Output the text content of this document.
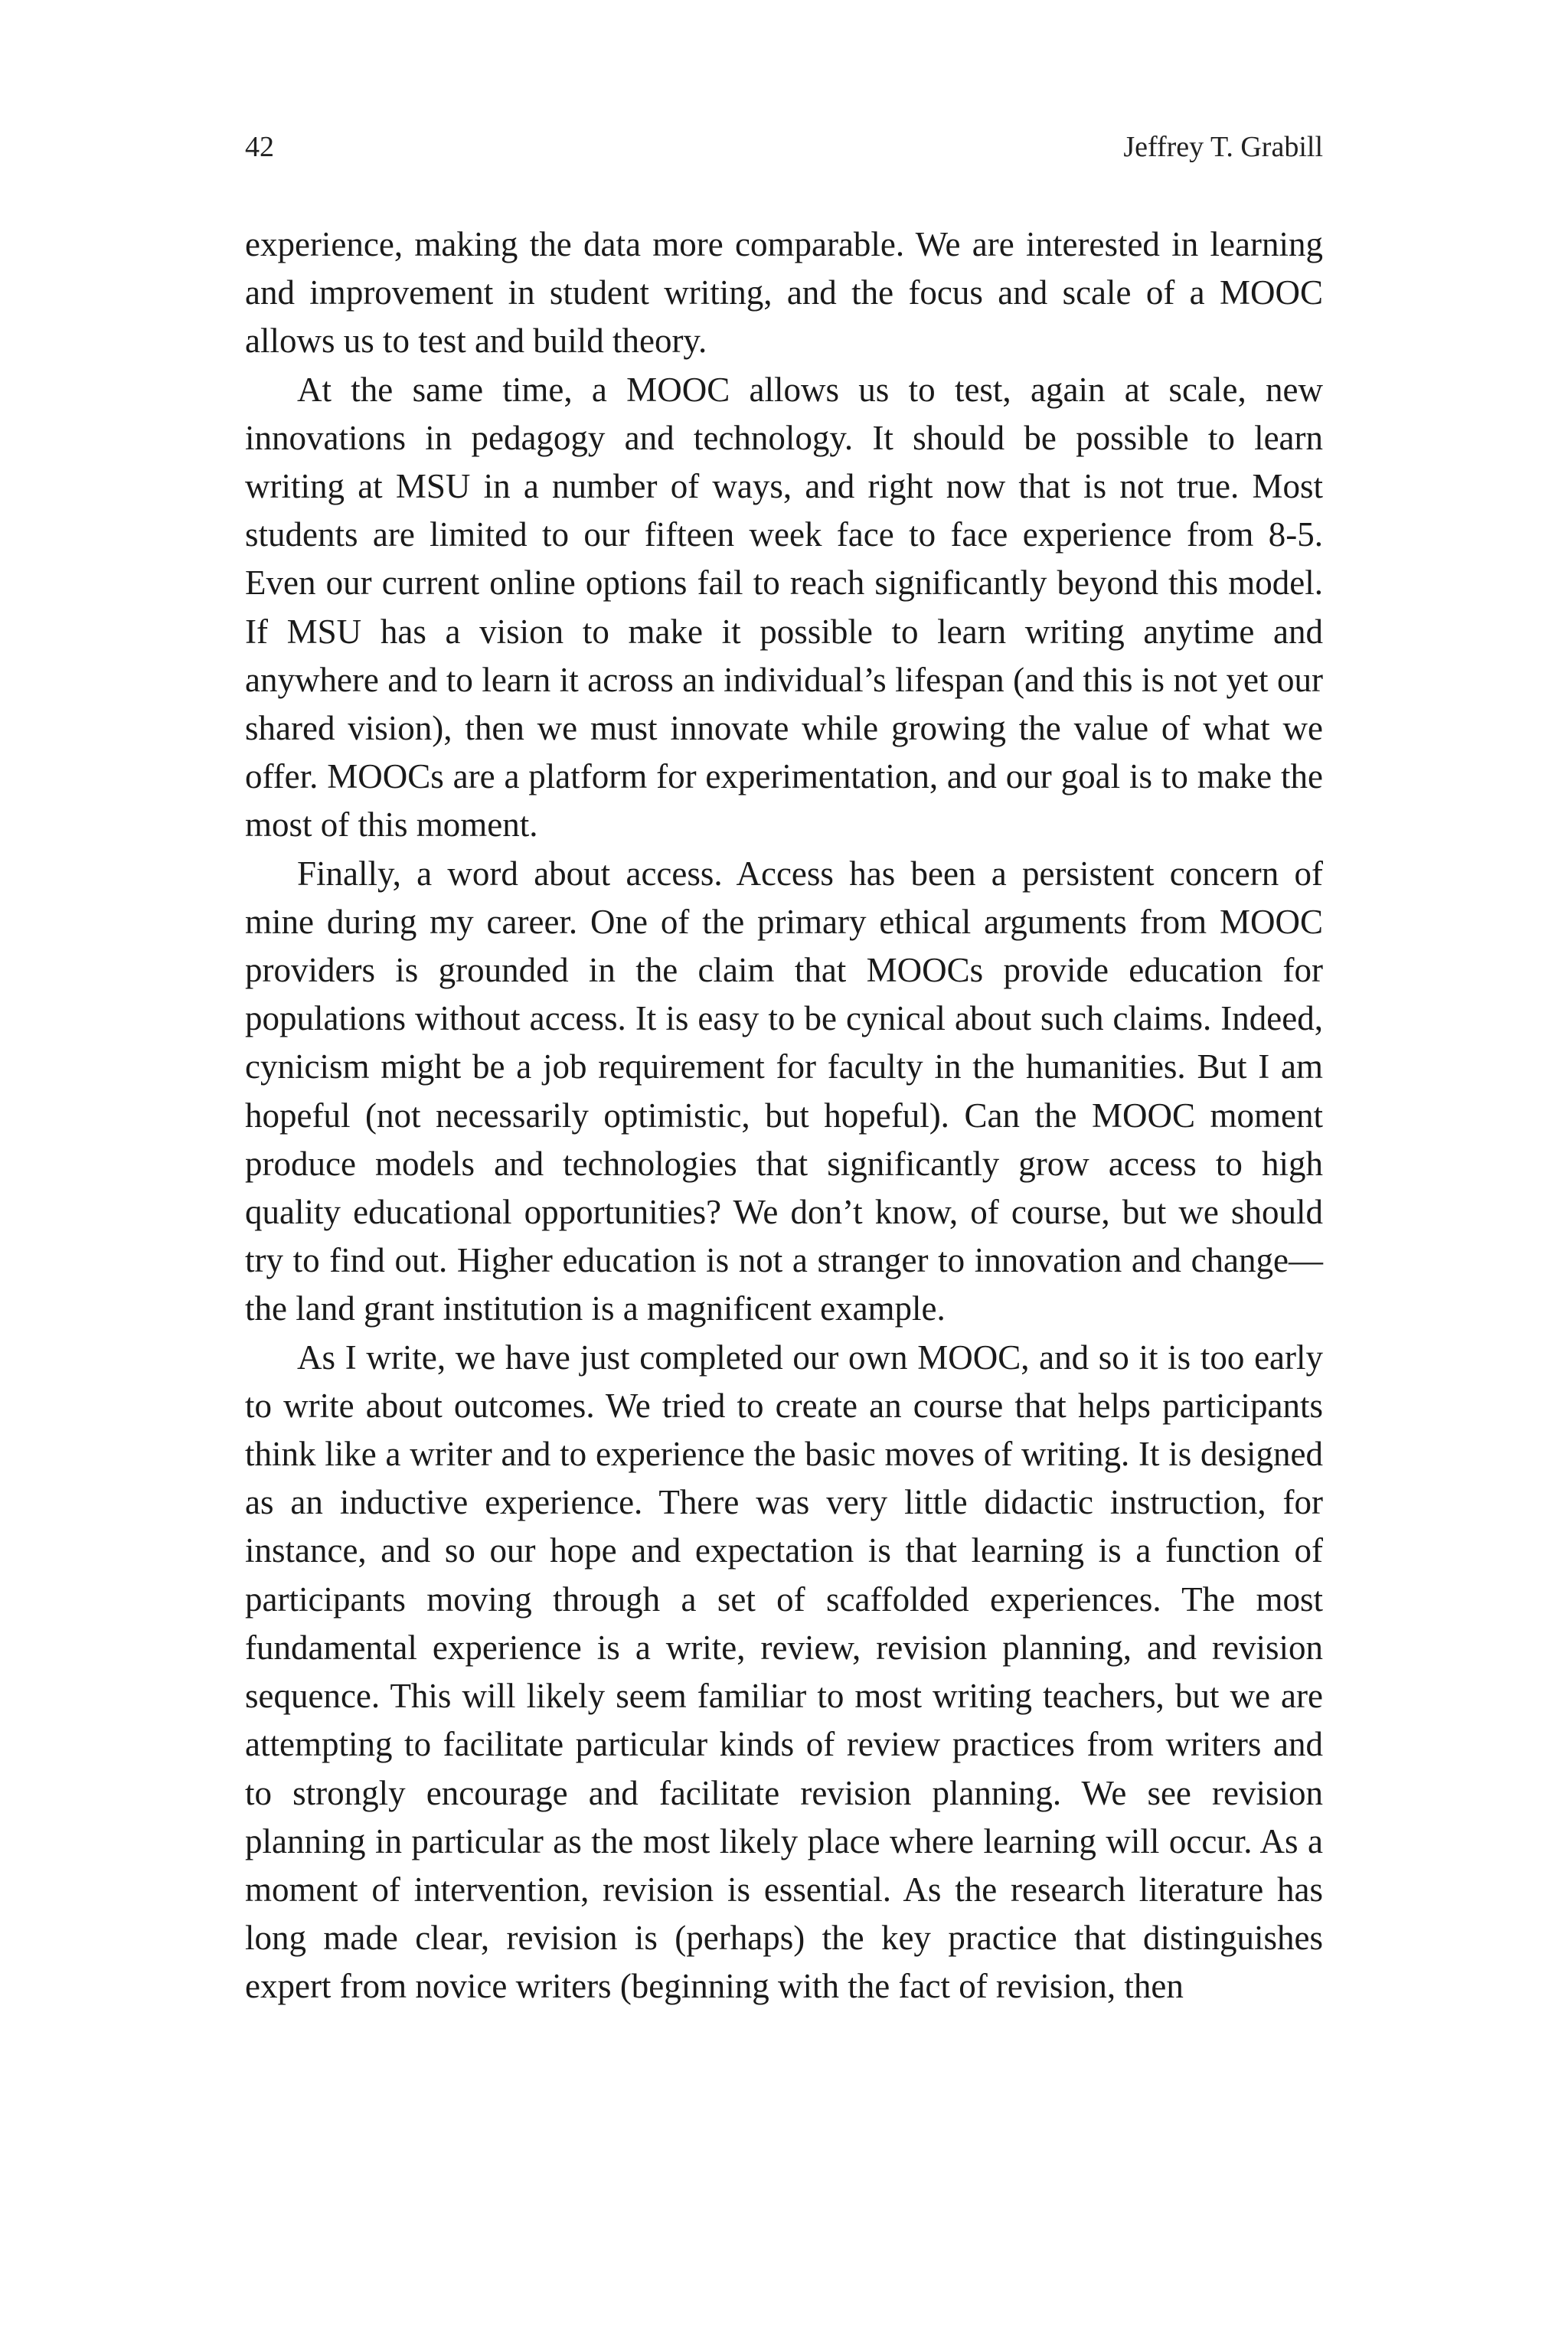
42	Jeffrey T. Grabill

experience, making the data more comparable. We are interested in learning and improvement in student writing, and the focus and scale of a MOOC allows us to test and build theory.

At the same time, a MOOC allows us to test, again at scale, new innovations in pedagogy and technology. It should be possible to learn writing at MSU in a number of ways, and right now that is not true. Most students are limited to our fifteen week face to face experience from 8-5. Even our current online options fail to reach significantly beyond this model. If MSU has a vision to make it possible to learn writing anytime and anywhere and to learn it across an individual’s lifespan (and this is not yet our shared vision), then we must innovate while growing the value of what we offer. MOOCs are a platform for experimentation, and our goal is to make the most of this moment.

Finally, a word about access. Access has been a persistent concern of mine during my career. One of the primary ethical arguments from MOOC providers is grounded in the claim that MOOCs provide education for populations without access. It is easy to be cynical about such claims. Indeed, cynicism might be a job requirement for faculty in the humanities. But I am hopeful (not necessarily optimistic, but hopeful). Can the MOOC moment produce models and technologies that significantly grow access to high quality educational opportunities? We don’t know, of course, but we should try to find out. Higher education is not a stranger to innovation and change—the land grant institution is a magnificent example.

As I write, we have just completed our own MOOC, and so it is too early to write about outcomes. We tried to create an course that helps participants think like a writer and to experience the basic moves of writing. It is designed as an inductive experience. There was very little didactic instruction, for instance, and so our hope and expectation is that learning is a function of participants moving through a set of scaffolded experiences. The most fundamental experience is a write, review, revision planning, and revision sequence. This will likely seem familiar to most writing teachers, but we are attempting to facilitate particular kinds of review practices from writers and to strongly encourage and facilitate revision planning. We see revision planning in particular as the most likely place where learning will occur. As a moment of intervention, revision is essential. As the research literature has long made clear, revision is (perhaps) the key practice that distinguishes expert from novice writers (beginning with the fact of revision, then
